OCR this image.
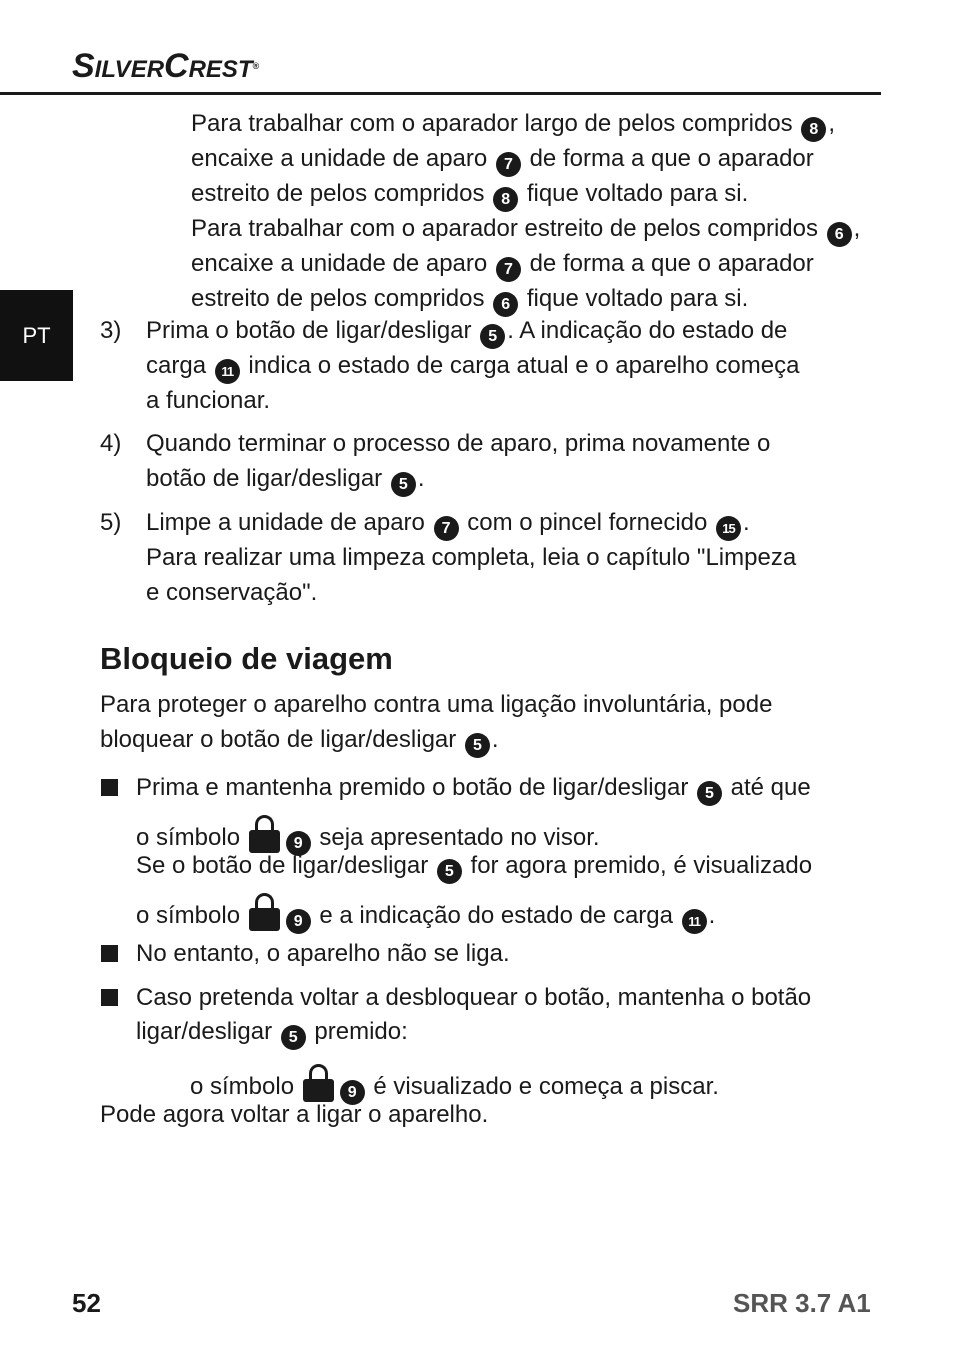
SilverCrest®
PT
Para trabalhar com o aparador largo de pelos compridos 8 ,
encaixe a unidade de aparo 7 de forma a que o aparador
estreito de pelos compridos 8 fique voltado para si.
Para trabalhar com o aparador estreito de pelos compridos 6 ,
encaixe a unidade de aparo 7 de forma a que o aparador
estreito de pelos compridos 6 fique voltado para si.
3) Prima o botão de ligar/desligar 5 . A indicação do estado de
carga 11 indica o estado de carga atual e o aparelho começa
a funcionar.
4) Quando terminar o processo de aparo, prima novamente o
botão de ligar/desligar 5 .
5) Limpe a unidade de aparo 7 com o pincel fornecido 15 .
Para realizar uma limpeza completa, leia o capítulo "Limpeza
e conservação".
Bloqueio de viagem
Para proteger o aparelho contra uma ligação involuntária, pode
bloquear o botão de ligar/desligar 5 .
Prima e mantenha premido o botão de ligar/desligar 5 até que
o símbolo	9 seja apresentado no visor.
Se o botão de ligar/desligar 5 for agora premido, é visualizado
o símbolo	9 e a indicação do estado de carga 11 .
No entanto, o aparelho não se liga.
Caso pretenda voltar a desbloquear o botão, mantenha o botão
ligar/desligar 5 premido:
o símbolo	9 é visualizado e começa a piscar.
Pode agora voltar a ligar o aparelho.
52	SRR 3.7 A1
